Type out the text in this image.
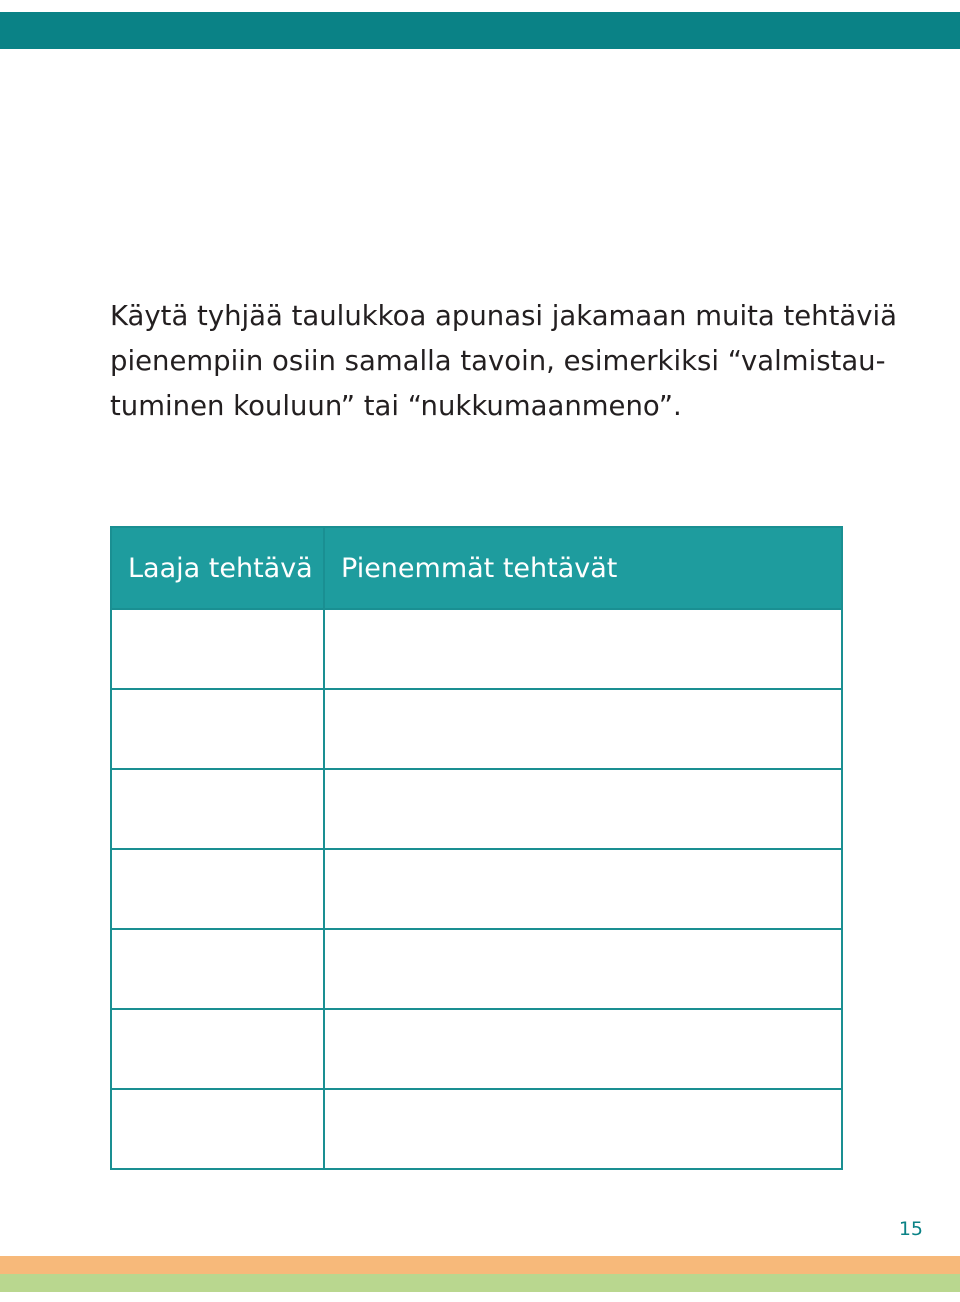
Käytä tyhjää taulukkoa apunasi jakamaan muita tehtäviä
pienempiin osiin samalla tavoin, esimerkiksi “valmistau-
tuminen kouluun” tai “nukkumaanmeno”.
Laaja tehtävä	Pienemmät tehtävät

15
